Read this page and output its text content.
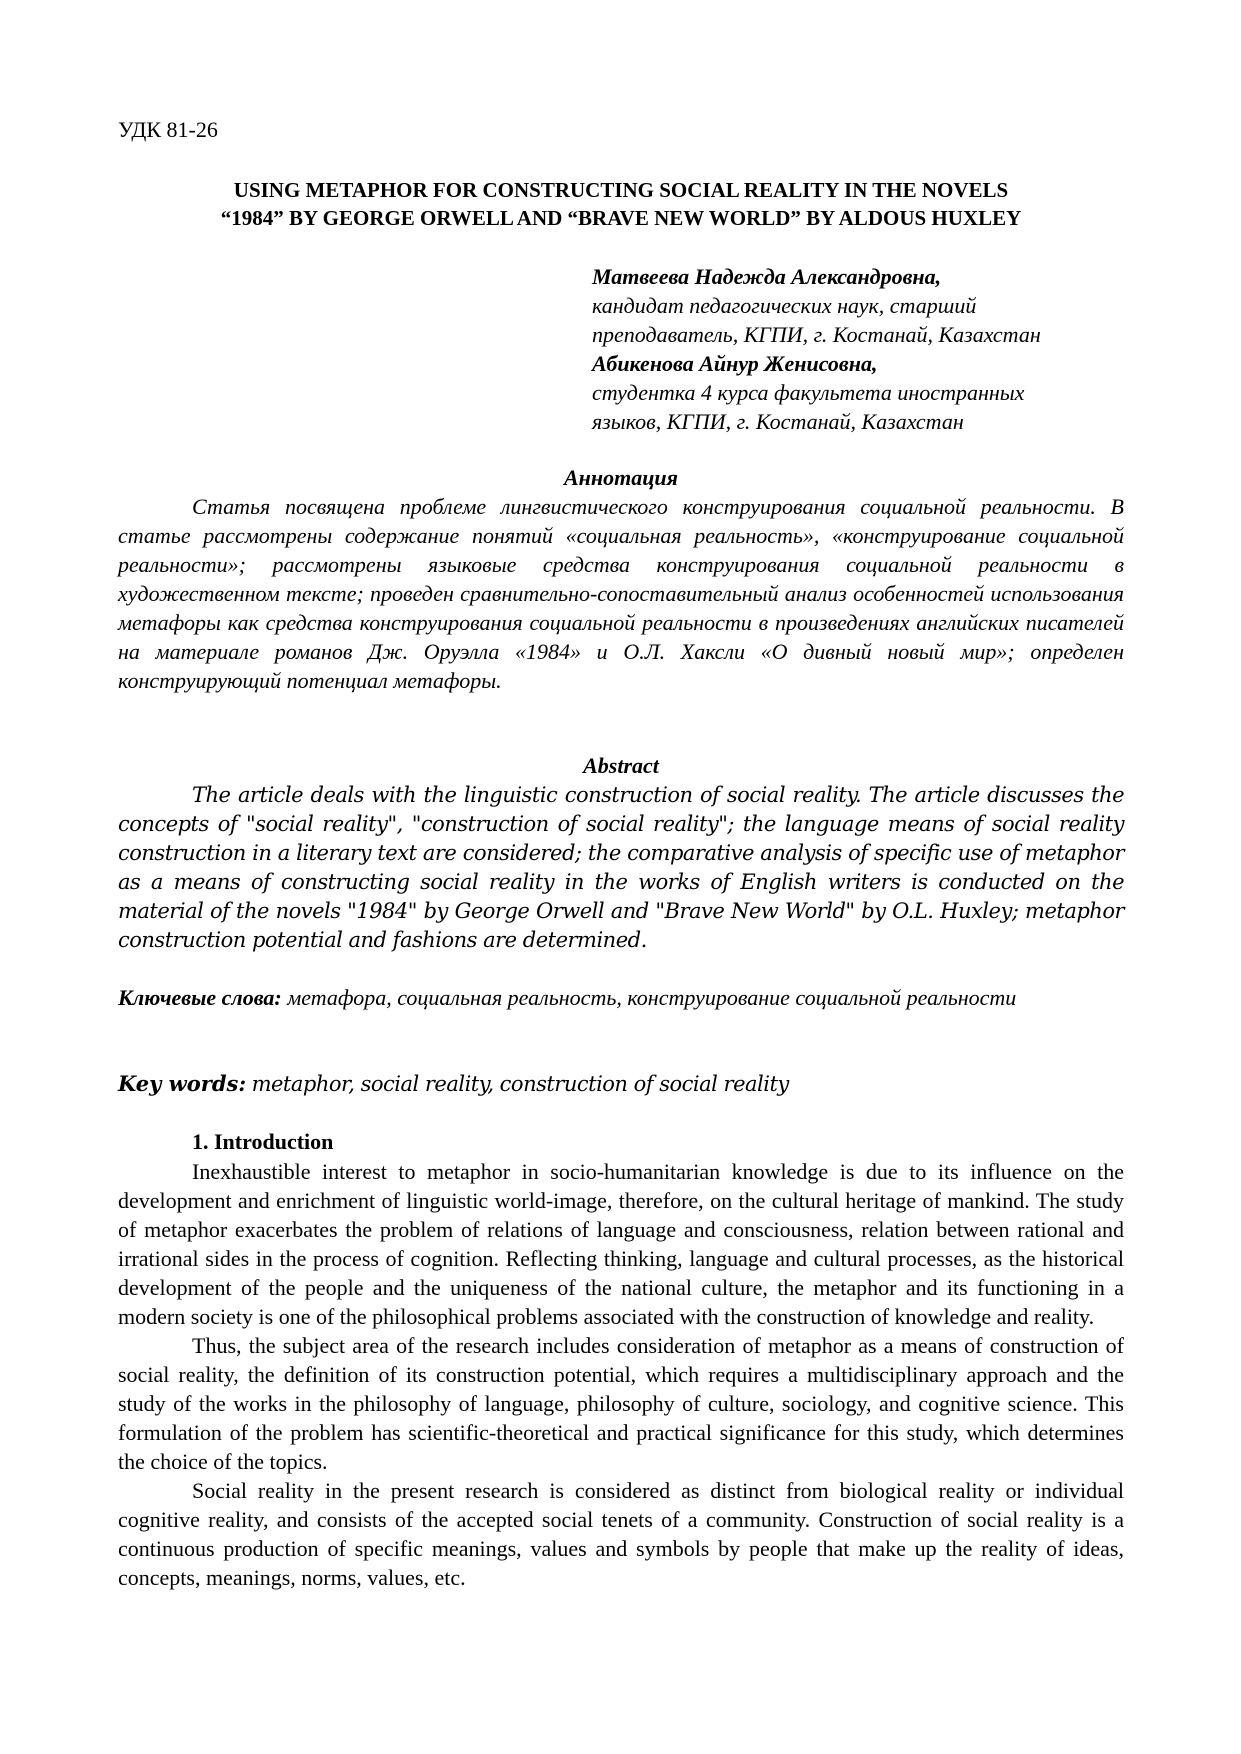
УДК 81-26
USING METAPHOR FOR CONSTRUCTING SOCIAL REALITY IN THE NOVELS
“1984” BY GEORGE ORWELL AND “BRAVE NEW WORLD” BY ALDOUS HUXLEY
Матвеева Надежда Александровна,
кандидат педагогических наук, старший
преподаватель, КГПИ, г. Костанай, Казахстан
Абикенова Айнур Женисовна,
студентка 4 курса факультета иностранных
языков, КГПИ, г. Костанай, Казахстан
Аннотация
Статья посвящена проблеме лингвистического конструирования социальной реальности. В статье рассмотрены содержание понятий «социальная реальность», «конструирование социальной реальности»; рассмотрены языковые средства конструирования социальной реальности в художественном тексте; проведен сравнительно-сопоставительный анализ особенностей использования метафоры как средства конструирования социальной реальности в произведениях английских писателей на материале романов Дж. Оруэлла «1984» и О.Л. Хаксли «О дивный новый мир»; определен конструирующий потенциал метафоры.
Abstract
The article deals with the linguistic construction of social reality. The article discusses the concepts of "social reality", "construction of social reality"; the language means of social reality construction in a literary text are considered; the comparative analysis of specific use of metaphor as a means of constructing social reality in the works of English writers is conducted on the material of the novels "1984" by George Orwell and "Brave New World" by O.L. Huxley; metaphor construction potential and fashions are determined.
Ключевые слова: метафора, социальная реальность, конструирование социальной реальности
Key words: metaphor, social reality, construction of social reality
1. Introduction

Inexhaustible interest to metaphor in socio-humanitarian knowledge is due to its influence on the development and enrichment of linguistic world-image, therefore, on the cultural heritage of mankind. The study of metaphor exacerbates the problem of relations of language and consciousness, relation between rational and irrational sides in the process of cognition. Reflecting thinking, language and cultural processes, as the historical development of the people and the uniqueness of the national culture, the metaphor and its functioning in a modern society is one of the philosophical problems associated with the construction of knowledge and reality.

Thus, the subject area of the research includes consideration of metaphor as a means of construction of social reality, the definition of its construction potential, which requires a multidisciplinary approach and the study of the works in the philosophy of language, philosophy of culture, sociology, and cognitive science. This formulation of the problem has scientific-theoretical and practical significance for this study, which determines the choice of the topics.

Social reality in the present research is considered as distinct from biological reality or individual cognitive reality, and consists of the accepted social tenets of a community. Construction of social reality is a continuous production of specific meanings, values and symbols by people that make up the reality of ideas, concepts, meanings, norms, values, etc.
